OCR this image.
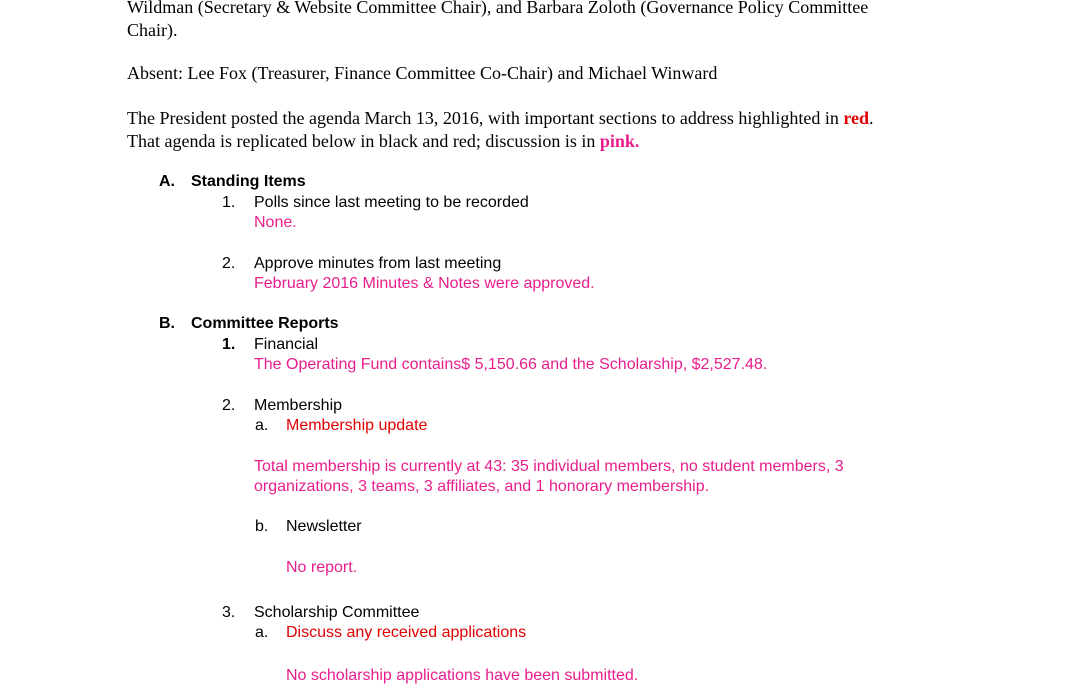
Wildman (Secretary & Website Committee Chair), and Barbara Zoloth (Governance Policy Committee
Chair).
Absent: Lee Fox (Treasurer, Finance Committee Co-Chair) and Michael Winward
The President posted the agenda March 13, 2016, with important sections to address highlighted in red.
That agenda is replicated below in black and red; discussion is in pink.
A. Standing Items
1. Polls since last meeting to be recorded
None.
2. Approve minutes from last meeting
February 2016 Minutes & Notes were approved.
B. Committee Reports
1. Financial
The Operating Fund contains$ 5,150.66 and the Scholarship, $2,527.48.
2. Membership
a. Membership update
Total membership is currently at 43: 35 individual members, no student members, 3
organizations, 3 teams, 3 affiliates, and 1 honorary membership.
b. Newsletter
No report.
3. Scholarship Committee
a. Discuss any received applications
No scholarship applications have been submitted.
